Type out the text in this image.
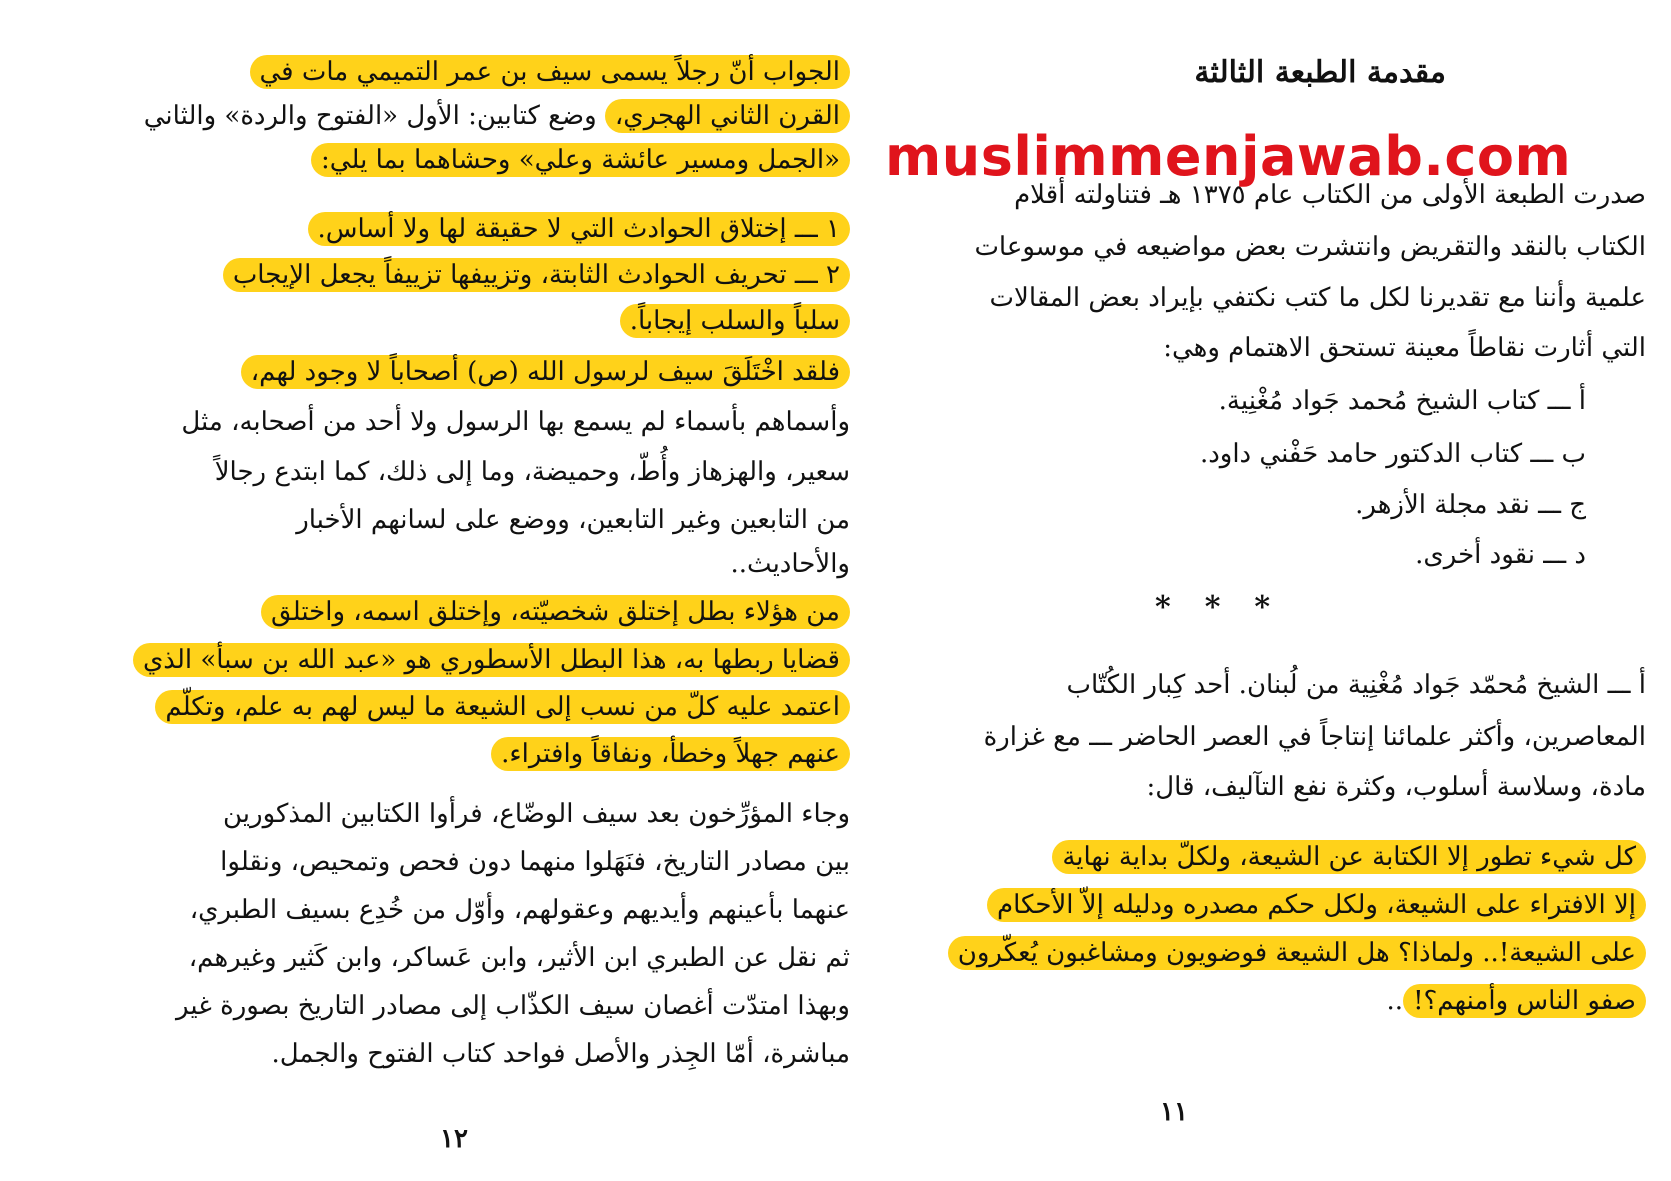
الجواب أنّ رجلاً يسمى سيف بن عمر التميمي مات في
القرن الثاني الهجري، وضع كتابين: الأول «الفتوح والردة» والثاني
«الجمل ومسير عائشة وعلي» وحشاهما بما يلي:
١ ـــ إختلاق الحوادث التي لا حقيقة لها ولا أساس.
٢ ـــ تحريف الحوادث الثابتة، وتزييفها تزييفاً يجعل الإيجاب
سلباً والسلب إيجاباً.
فلقد اخْتَلَقَ سيف لرسول الله (ص) أصحاباً لا وجود لهم،
وأسماهم بأسماء لم يسمع بها الرسول ولا أحد من أصحابه، مثل
سعير، والهزهاز وأُطّ، وحميضة، وما إلى ذلك، كما ابتدع رجالاً
من التابعين وغير التابعين، ووضع على لسانهم الأخبار
والأحاديث..
من هؤلاء بطل إختلق شخصيّته، وإختلق اسمه، واختلق
قضايا ربطها به، هذا البطل الأسطوري هو «عبد الله بن سبأ» الذي
اعتمد عليه كلّ من نسب إلى الشيعة ما ليس لهم به علم، وتكلّم
عنهم جهلاً وخطأ، ونفاقاً وافتراء.
وجاء المؤرِّخون بعد سيف الوضّاع، فرأوا الكتابين المذكورين
بين مصادر التاريخ، فنَهَلوا منهما دون فحص وتمحيص، ونقلوا
عنهما بأعينهم وأيديهم وعقولهم، وأوّل من خُدِع بسيف الطبري،
ثم نقل عن الطبري ابن الأثير، وابن عَساكر، وابن كَثير وغيرهم،
وبهذا امتدّت أغصان سيف الكذّاب إلى مصادر التاريخ بصورة غير
مباشرة، أمّا الجِذر والأصل فواحد كتاب الفتوح والجمل.
١٢
مقدمة الطبعة الثالثة
صدرت الطبعة الأولى من الكتاب عام ١٣٧٥ هـ فتناولته أقلام
الكتاب بالنقد والتقريض وانتشرت بعض مواضيعه في موسوعات
علمية وأننا مع تقديرنا لكل ما كتب نكتفي بإيراد بعض المقالات
التي أثارت نقاطاً معينة تستحق الاهتمام وهي:
أ ـــ كتاب الشيخ مُحمد جَواد مُغْنِية.
ب ـــ كتاب الدكتور حامد حَفْني داود.
ج ـــ نقد مجلة الأزهر.
د ـــ نقود أخرى.
***
أ ـــ الشيخ مُحمّد جَواد مُغْنِية من لُبنان. أحد كِبار الكُتّاب
المعاصرين، وأكثر علمائنا إنتاجاً في العصر الحاضر ـــ مع غزارة
مادة، وسلاسة أسلوب، وكثرة نفع التآليف، قال:
كل شيء تطور إلا الكتابة عن الشيعة، ولكلّ بداية نهاية
إلا الافتراء على الشيعة، ولكل حكم مصدره ودليله إلاّ الأحكام
على الشيعة!.. ولماذا؟ هل الشيعة فوضويون ومشاغبون يُعكّرون
صفو الناس وأمنهم؟!..
١١
muslimmenjawab.com
